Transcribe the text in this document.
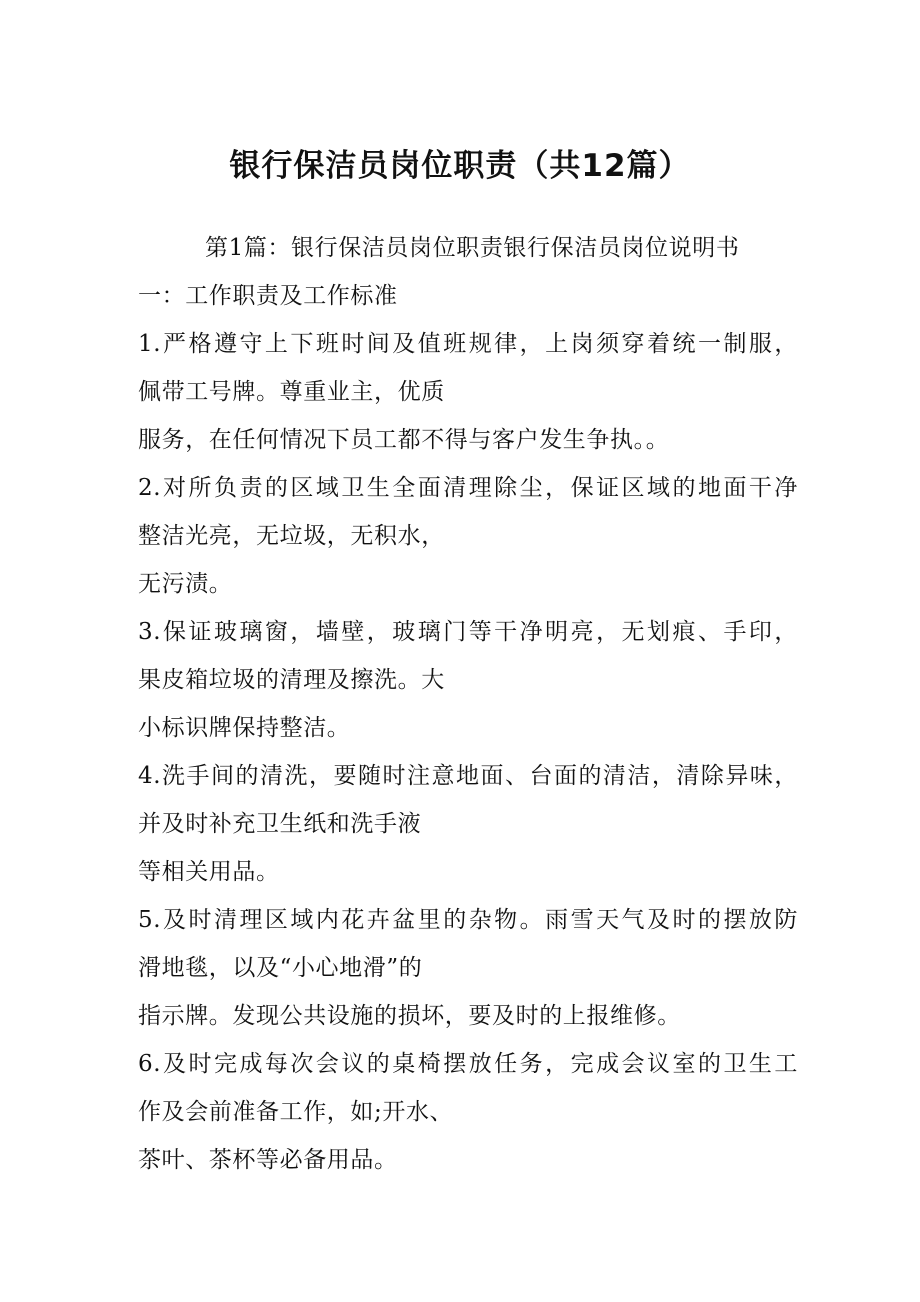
银行保洁员岗位职责（共12篇）

第1篇：银行保洁员岗位职责银行保洁员岗位说明书

一：工作职责及工作标准

1.严格遵守上下班时间及值班规律，上岗须穿着统一制服，

佩带工号牌。尊重业主，优质

服务，在任何情况下员工都不得与客户发生争执。。

2.对所负责的区域卫生全面清理除尘，保证区域的地面干净

整洁光亮，无垃圾，无积水，

无污渍。

3.保证玻璃窗，墙壁，玻璃门等干净明亮，无划痕、手印，

果皮箱垃圾的清理及擦洗。大

小标识牌保持整洁。

4.洗手间的清洗，要随时注意地面、台面的清洁，清除异味，

并及时补充卫生纸和洗手液

等相关用品。

5.及时清理区域内花卉盆里的杂物。雨雪天气及时的摆放防

滑地毯，以及“小心地滑”的

指示牌。发现公共设施的损坏，要及时的上报维修。

6.及时完成每次会议的桌椅摆放任务，完成会议室的卫生工

作及会前准备工作，如;开水、

茶叶、茶杯等必备用品。
